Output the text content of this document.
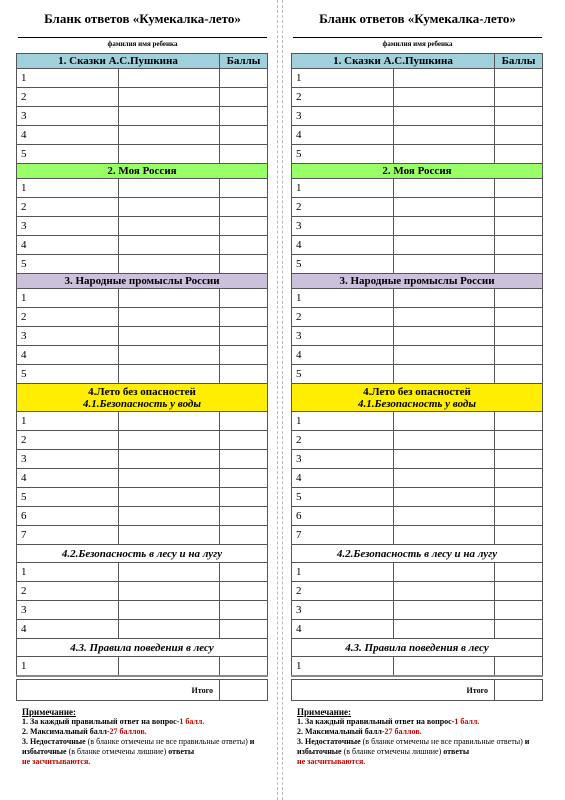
Бланк ответов «Кумекалка-лето»
фамилия имя ребенка
1. Сказки А.С.Пушкина		Баллы
1		
2		
3		
4		
5		
2. Моя Россия		
1		
2		
3		
4		
5		
3. Народные промыслы России		
1		
2		
3		
4		
5		

4.Лето без опасностей
4.1.Безопасность у воды		

1		
2		
3		
4		
5		
6		
7		
4.2.Безопасность в лесу и на лугу		
1		
2		
3		
4		
4.3. Правила поведения в лесу		
1		

Итого		
Примечание:
1. За каждый правильный ответ на вопрос-1 балл.
2. Максимальный балл-27 баллов.
3. Недостаточные (в бланке отмечены не все правильные ответы) и избыточные (в бланке отмечены лишние) ответы
не засчитываются.
Бланк ответов «Кумекалка-лето»
фамилия имя ребенка
1. Сказки А.С.Пушкина		Баллы
1		
2		
3		
4		
5		
2. Моя Россия		
1		
2		
3		
4		
5		
3. Народные промыслы России		
1		
2		
3		
4		
5		

4.Лето без опасностей
4.1.Безопасность у воды		

1		
2		
3		
4		
5		
6		
7		
4.2.Безопасность в лесу и на лугу		
1		
2		
3		
4		
4.3. Правила поведения в лесу		
1		

Итого		
Примечание:
1. За каждый правильный ответ на вопрос-1 балл.
2. Максимальный балл-27 баллов.
3. Недостаточные (в бланке отмечены не все правильные ответы) и избыточные (в бланке отмечены лишние) ответы
не засчитываются.
